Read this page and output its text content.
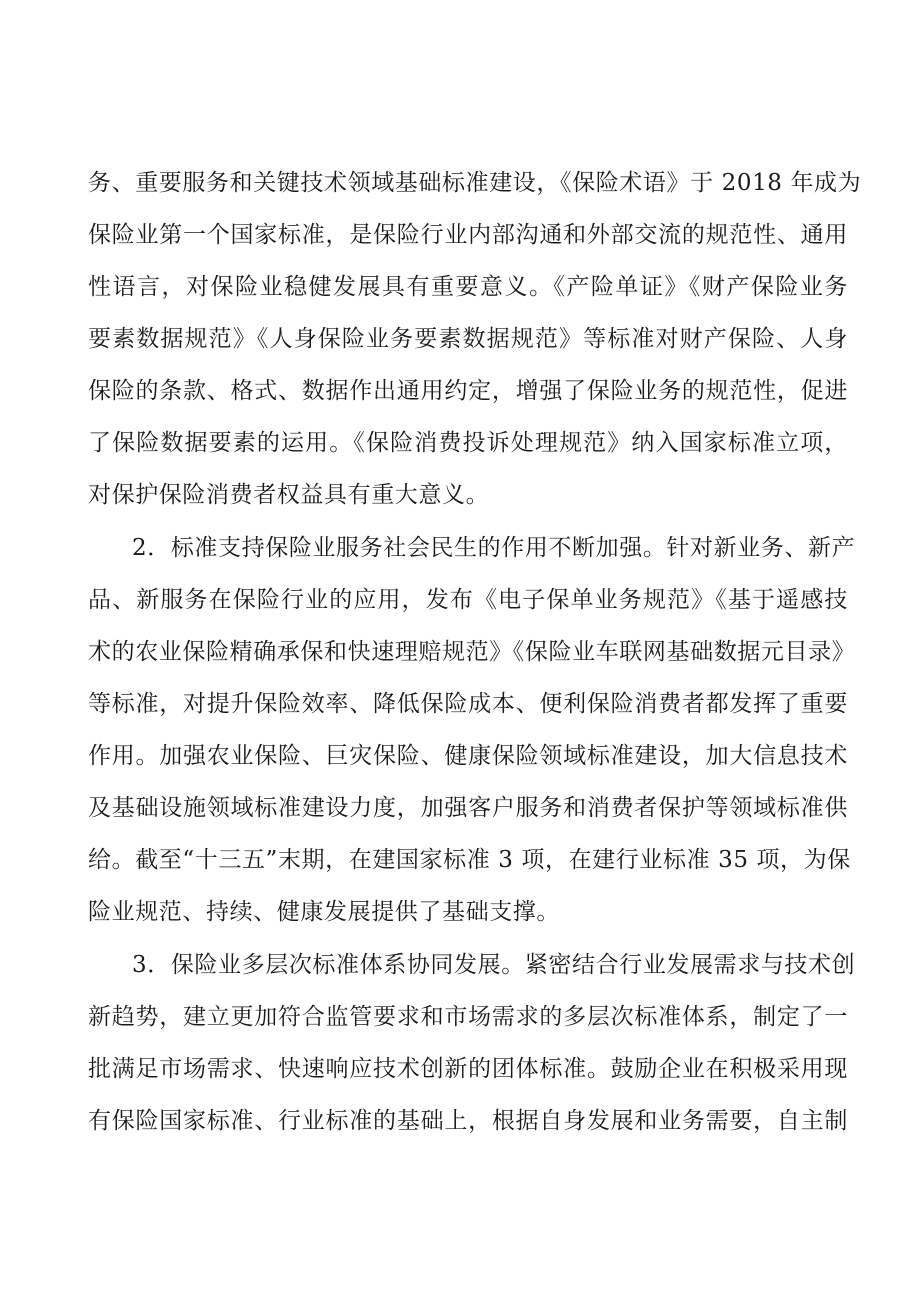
务、重要服务和关键技术领域基础标准建设，《保险术语》于 2018 年成为
保险业第一个国家标准，是保险行业内部沟通和外部交流的规范性、通用
性语言，对保险业稳健发展具有重要意义。《产险单证》《财产保险业务
要素数据规范》《人身保险业务要素数据规范》等标准对财产保险、人身
保险的条款、格式、数据作出通用约定，增强了保险业务的规范性，促进
了保险数据要素的运用。《保险消费投诉处理规范》纳入国家标准立项，
对保护保险消费者权益具有重大意义。
2．标准支持保险业服务社会民生的作用不断加强。针对新业务、新产
品、新服务在保险行业的应用，发布《电子保单业务规范》《基于遥感技
术的农业保险精确承保和快速理赔规范》《保险业车联网基础数据元目录》
等标准，对提升保险效率、降低保险成本、便利保险消费者都发挥了重要
作用。加强农业保险、巨灾保险、健康保险领域标准建设，加大信息技术
及基础设施领域标准建设力度，加强客户服务和消费者保护等领域标准供
给。截至“十三五”末期，在建国家标准 3 项，在建行业标准 35 项，为保
险业规范、持续、健康发展提供了基础支撑。
3．保险业多层次标准体系协同发展。紧密结合行业发展需求与技术创
新趋势，建立更加符合监管要求和市场需求的多层次标准体系，制定了一
批满足市场需求、快速响应技术创新的团体标准。鼓励企业在积极采用现
有保险国家标准、行业标准的基础上，根据自身发展和业务需要，自主制
